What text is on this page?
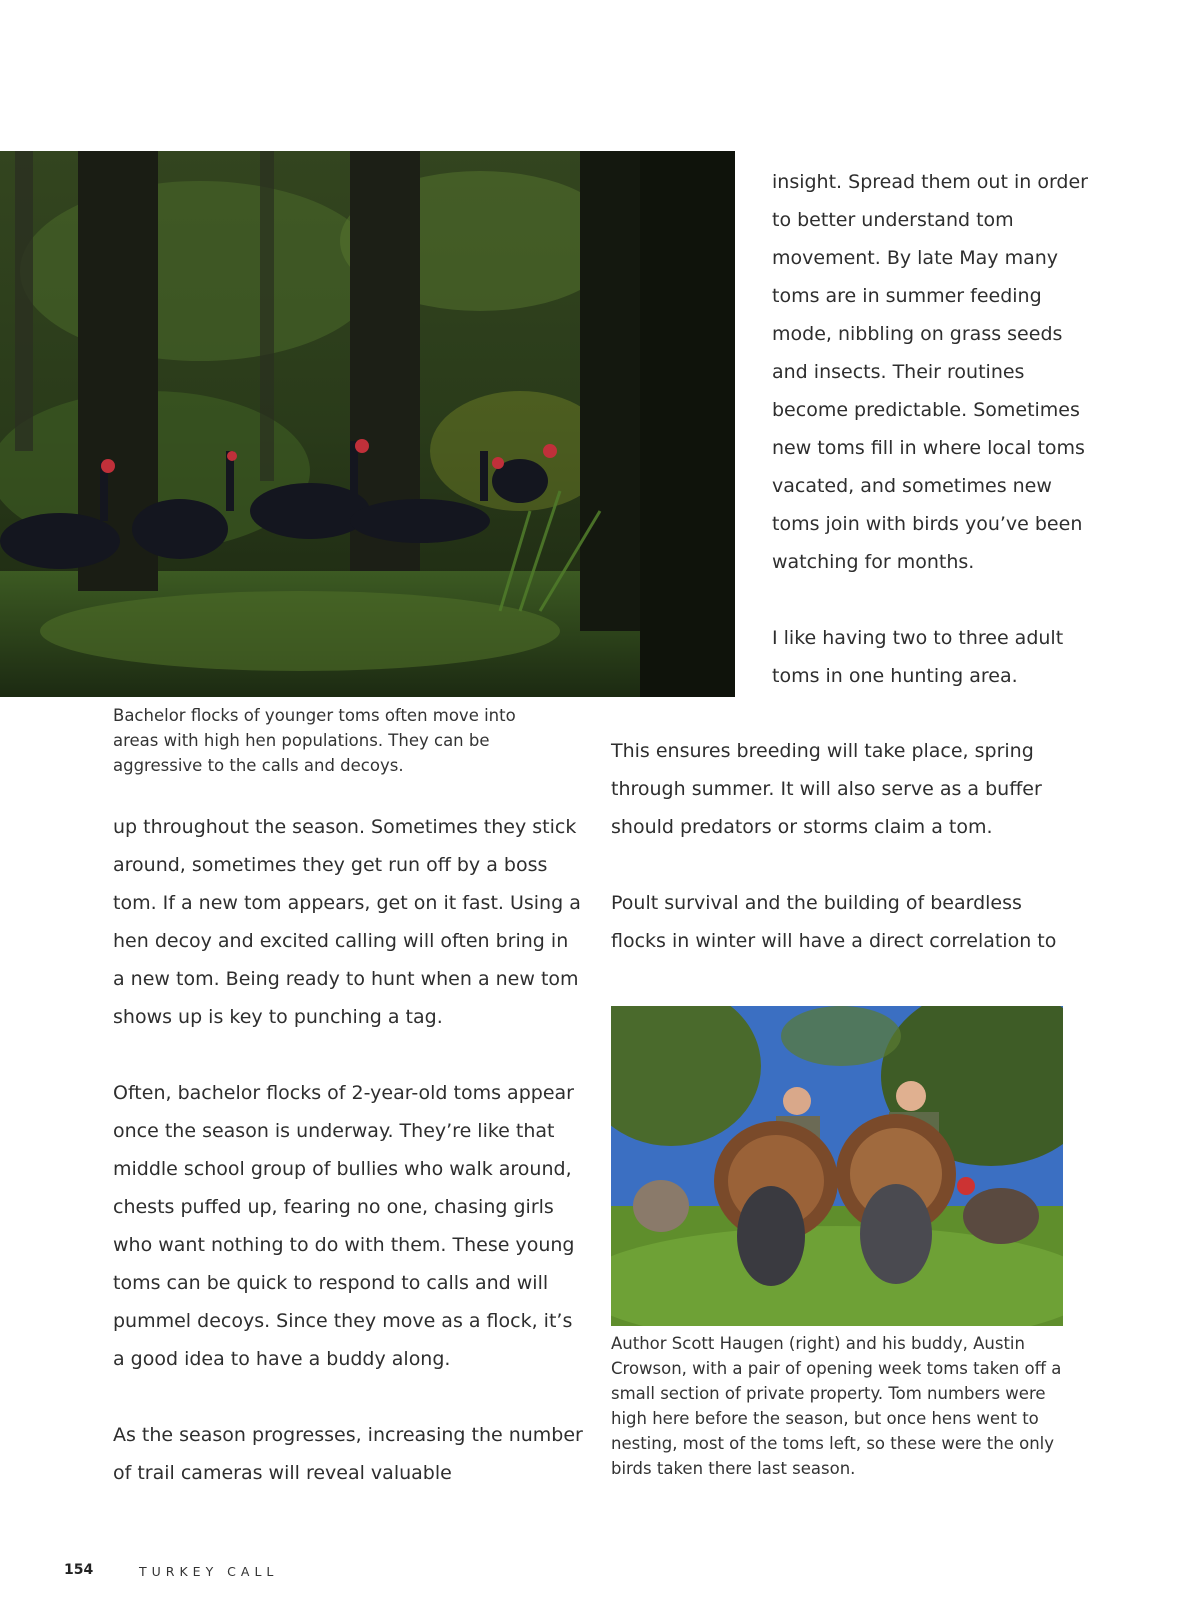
Bachelor flocks of younger toms often move into areas with high hen populations. They can be aggressive to the calls and decoys.

insight. Spread them out in order to better understand tom movement. By late May many toms are in summer feeding mode, nibbling on grass seeds and insects. Their routines become predictable. Sometimes new toms fill in where local toms vacated, and sometimes new toms join with birds you’ve been watching for months.

I like having two to three adult toms in one hunting area.

This ensures breeding will take place, spring through summer. It will also serve as a buffer should predators or storms claim a tom.

Poult survival and the building of beardless flocks in winter will have a direct correlation to

up throughout the season. Sometimes they stick around, sometimes they get run off by a boss tom. If a new tom appears, get on it fast. Using a hen decoy and excited calling will often bring in a new tom. Being ready to hunt when a new tom shows up is key to punching a tag.

Often, bachelor flocks of 2-year-old toms appear once the season is underway. They’re like that middle school group of bullies who walk around, chests puffed up, fearing no one, chasing girls who want nothing to do with them. These young toms can be quick to respond to calls and will pummel decoys. Since they move as a flock, it’s a good idea to have a buddy along.

As the season progresses, increasing the number of trail cameras will reveal valuable

Author Scott Haugen (right) and his buddy, Austin Crowson, with a pair of opening week toms taken off a small section of private property. Tom numbers were high here before the season, but once hens went to nesting, most of the toms left, so these were the only birds taken there last season.
154	TURKEY CALL
